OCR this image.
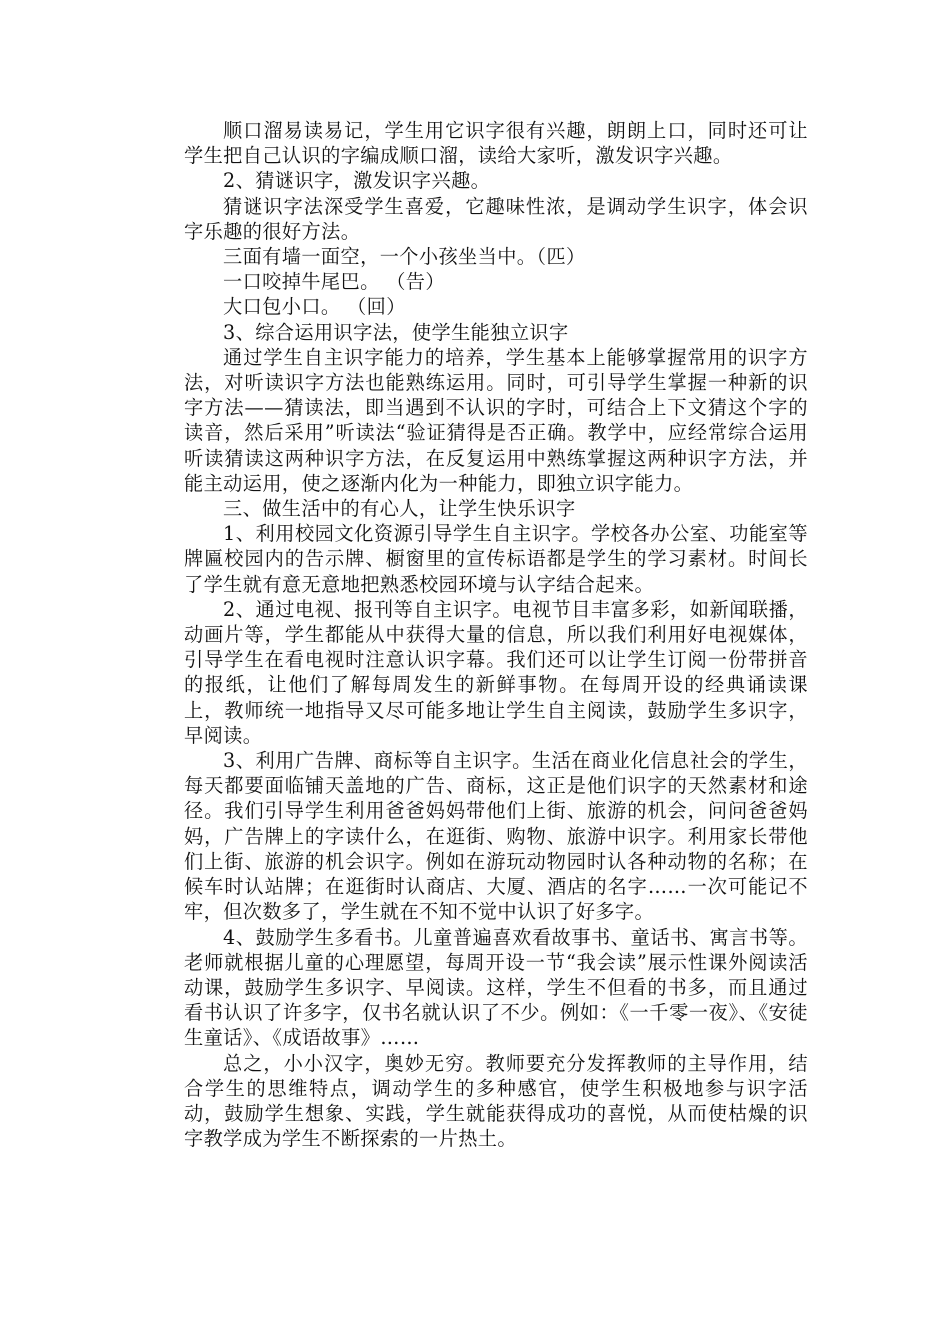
顺口溜易读易记，学生用它识字很有兴趣，朗朗上口，同时还可让学生把自己认识的字编成顺口溜，读给大家听，激发识字兴趣。

2、猜谜识字，激发识字兴趣。

猜谜识字法深受学生喜爱，它趣味性浓，是调动学生识字，体会识字乐趣的很好方法。

三面有墙一面空，一个小孩坐当中。（匹）

一口咬掉牛尾巴。 （告）

大口包小口。 （回）

3、综合运用识字法，使学生能独立识字

通过学生自主识字能力的培养，学生基本上能够掌握常用的识字方法，对听读识字方法也能熟练运用。同时，可引导学生掌握一种新的识字方法——猜读法，即当遇到不认识的字时，可结合上下文猜这个字的读音，然后采用”听读法“验证猜得是否正确。教学中，应经常综合运用听读猜读这两种识字方法，在反复运用中熟练掌握这两种识字方法，并能主动运用，使之逐渐内化为一种能力，即独立识字能力。

三、做生活中的有心人，让学生快乐识字

1、利用校园文化资源引导学生自主识字。学校各办公室、功能室等牌匾校园内的告示牌、橱窗里的宣传标语都是学生的学习素材。时间长了学生就有意无意地把熟悉校园环境与认字结合起来。

2、通过电视、报刊等自主识字。电视节目丰富多彩，如新闻联播，动画片等，学生都能从中获得大量的信息，所以我们利用好电视媒体，引导学生在看电视时注意认识字幕。我们还可以让学生订阅一份带拼音的报纸，让他们了解每周发生的新鲜事物。在每周开设的经典诵读课上，教师统一地指导又尽可能多地让学生自主阅读，鼓励学生多识字，早阅读。

3、利用广告牌、商标等自主识字。生活在商业化信息社会的学生，每天都要面临铺天盖地的广告、商标，这正是他们识字的天然素材和途径。我们引导学生利用爸爸妈妈带他们上街、旅游的机会，问问爸爸妈妈，广告牌上的字读什么，在逛街、购物、旅游中识字。利用家长带他们上街、旅游的机会识字。例如在游玩动物园时认各种动物的名称；在候车时认站牌；在逛街时认商店、大厦、酒店的名字……一次可能记不牢，但次数多了，学生就在不知不觉中认识了好多字。

4、鼓励学生多看书。儿童普遍喜欢看故事书、童话书、寓言书等。老师就根据儿童的心理愿望，每周开设一节“我会读”展示性课外阅读活动课，鼓励学生多识字、早阅读。这样，学生不但看的书多，而且通过看书认识了许多字，仅书名就认识了不少。例如：《一千零一夜》、《安徒生童话》、《成语故事》……

总之，小小汉字，奥妙无穷。教师要充分发挥教师的主导作用，结合学生的思维特点，调动学生的多种感官，使学生积极地参与识字活动，鼓励学生想象、实践，学生就能获得成功的喜悦，从而使枯燥的识字教学成为学生不断探索的一片热土。
